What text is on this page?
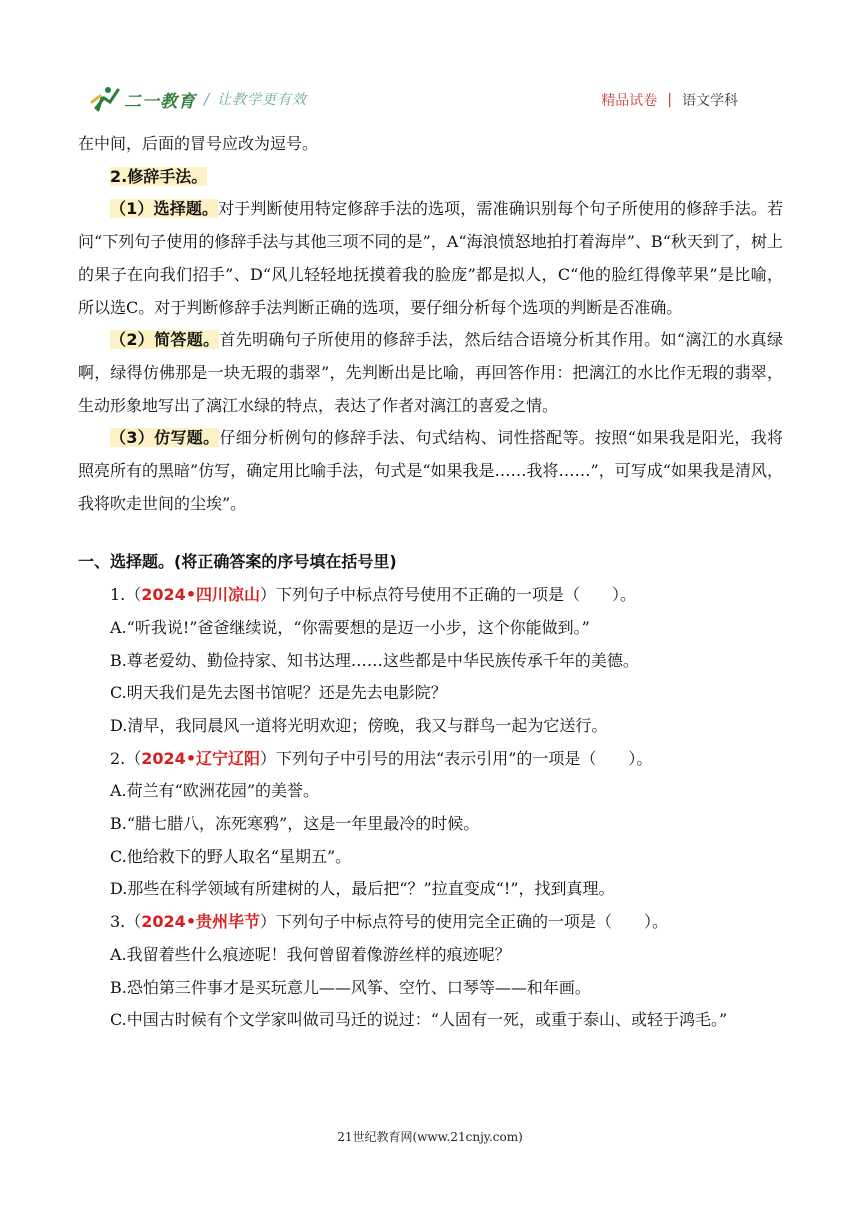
二一教育 / 让教学更有效	精品试卷 | 语文学科

在中间，后面的冒号应改为逗号。

2.修辞手法。

（1）选择题。对于判断使用特定修辞手法的选项，需准确识别每个句子所使用的修辞手法。若问“下列句子使用的修辞手法与其他三项不同的是”，A“海浪愤怒地拍打着海岸”、B“秋天到了，树上的果子在向我们招手”、D“风儿轻轻地抚摸着我的脸庞”都是拟人，C“他的脸红得像苹果”是比喻，所以选C。对于判断修辞手法判断正确的选项，要仔细分析每个选项的判断是否准确。

（2）简答题。首先明确句子所使用的修辞手法，然后结合语境分析其作用。如“漓江的水真绿啊，绿得仿佛那是一块无瑕的翡翠”，先判断出是比喻，再回答作用：把漓江的水比作无瑕的翡翠，生动形象地写出了漓江水绿的特点，表达了作者对漓江的喜爱之情。

（3）仿写题。仔细分析例句的修辞手法、句式结构、词性搭配等。按照“如果我是阳光，我将照亮所有的黑暗”仿写，确定用比喻手法，句式是“如果我是……我将……”，可写成“如果我是清风，我将吹走世间的尘埃”。

一、选择题。(将正确答案的序号填在括号里)

1.（2024•四川凉山）下列句子中标点符号使用不正确的一项是（　　）。

A.“听我说!”爸爸继续说，“你需要想的是迈一小步，这个你能做到。”

B.尊老爱幼、勤俭持家、知书达理……这些都是中华民族传承千年的美德。

C.明天我们是先去图书馆呢？还是先去电影院？

D.清早，我同晨风一道将光明欢迎；傍晚，我又与群鸟一起为它送行。

2.（2024•辽宁辽阳）下列句子中引号的用法“表示引用”的一项是（　　）。

A.荷兰有“欧洲花园”的美誉。

B.“腊七腊八，冻死寒鸦”，这是一年里最冷的时候。

C.他给救下的野人取名“星期五”。

D.那些在科学领域有所建树的人，最后把“？”拉直变成“!”，找到真理。

3.（2024•贵州毕节）下列句子中标点符号的使用完全正确的一项是（　　）。

A.我留着些什么痕迹呢！我何曾留着像游丝样的痕迹呢？

B.恐怕第三件事才是买玩意儿——风筝、空竹、口琴等——和年画。

C.中国古时候有个文学家叫做司马迁的说过：“人固有一死，或重于泰山、或轻于鸿毛。”

21世纪教育网(www.21cnjy.com)
